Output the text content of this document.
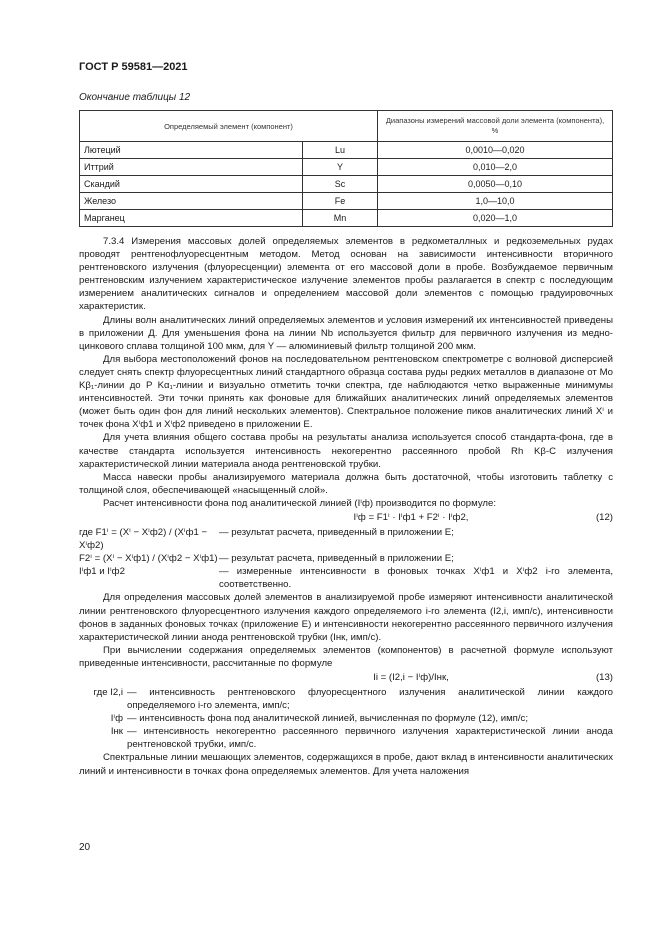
ГОСТ Р 59581—2021
Окончание таблицы 12
Определяемый элемент (компонент)		Диапазоны измерений массовой доли элемента (компонента), %
Лютеций	Lu	0,0010—0,020
Иттрий	Y	0,010—2,0
Скандий	Sc	0,0050—0,10
Железо	Fe	1,0—10,0
Марганец	Mn	0,020—1,0

7.3.4 Измерения массовых долей определяемых элементов в редкометаллных и редкоземельных рудах проводят рентгенофлуоресцентным методом. Метод основан на зависимости интенсивности вторичного рентгеновского излучения (флуоресценции) элемента от его массовой доли в пробе. Возбуждаемое первичным рентгеновским излучением характеристическое излучение элементов пробы разлагается в спектр с последующим измерением аналитических сигналов и определением массовой доли элементов с помощью градуировочных характеристик.

Длины волн аналитических линий определяемых элементов и условия измерений их интенсивностей приведены в приложении Д. Для уменьшения фона на линии Nb используется фильтр для первичного излучения из медно-цинкового сплава толщиной 100 мкм, для Y — алюминиевый фильтр толщиной 200 мкм.

Для выбора местоположений фонов на последовательном рентгеновском спектрометре с волновой дисперсией следует снять спектр флуоресцентных линий стандартного образца состава руды редких металлов в диапазоне от Mo Kβ₁-линии до P Kα₁-линии и визуально отметить точки спектра, где наблюдаются четко выраженные минимумы интенсивностей. Эти точки принять как фоновые для ближайших аналитических линий определяемых элементов (может быть один фон для линий нескольких элементов). Спектральное положение пиков аналитических линий Xⁱ и точек фона Xⁱф1 и Xⁱф2 приведено в приложении Е.

Для учета влияния общего состава пробы на результаты анализа используется способ стандарта-фона, где в качестве стандарта используется интенсивность некогерентно рассеянного пробой Rh Kβ-C излучения характеристической линии материала анода рентгеновской трубки.

Масса навески пробы анализируемого материала должна быть достаточной, чтобы изготовить таблетку с толщиной слоя, обеспечивающей «насыщенный слой».

Расчет интенсивности фона под аналитической линией (Iⁱф) производится по формуле:

Iⁱф = F1ⁱ · Iⁱф1 + F2ⁱ · Iⁱф2,	(12)
где F1ⁱ = (Xⁱ − Xⁱф2) / (Xⁱф1 − Xⁱф2)
— результат расчета, приведенный в приложении Е;
F2ⁱ = (Xⁱ − Xⁱф1) / (Xⁱф2 − Xⁱф1) — результат расчета, приведенный в приложении Е;
Iⁱф1 и Iⁱф2	— измеренные интенсивности в фоновых точках Xⁱф1 и Xⁱф2 i-го элемента, соответственно.

Для определения массовых долей элементов в анализируемой пробе измеряют интенсивности аналитической линии рентгеновского флуоресцентного излучения каждого определяемого i-го элемента (I2,i, имп/с), интенсивности фонов в заданных фоновых точках (приложение Е) и интенсивности некогерентно рассеянного первичного излучения характеристической линии анода рентгеновской трубки (Iнк, имп/с).

При вычислении содержания определяемых элементов (компонентов) в расчетной формуле используют приведенные интенсивности, рассчитанные по формуле

Ii = (I2,i − Iⁱф)/Iнк,	(13)
где I2,i — интенсивность рентгеновского флуоресцентного излучения аналитической линии каждого определяемого i-го элемента, имп/с;
Iⁱф — интенсивность фона под аналитической линией, вычисленная по формуле (12), имп/с;
Iнк — интенсивность некогерентно рассеянного первичного излучения характеристической линии анода рентгеновской трубки, имп/с.

Спектральные линии мешающих элементов, содержащихся в пробе, дают вклад в интенсивности аналитических линий и интенсивности в точках фона определяемых элементов. Для учета наложения

20
